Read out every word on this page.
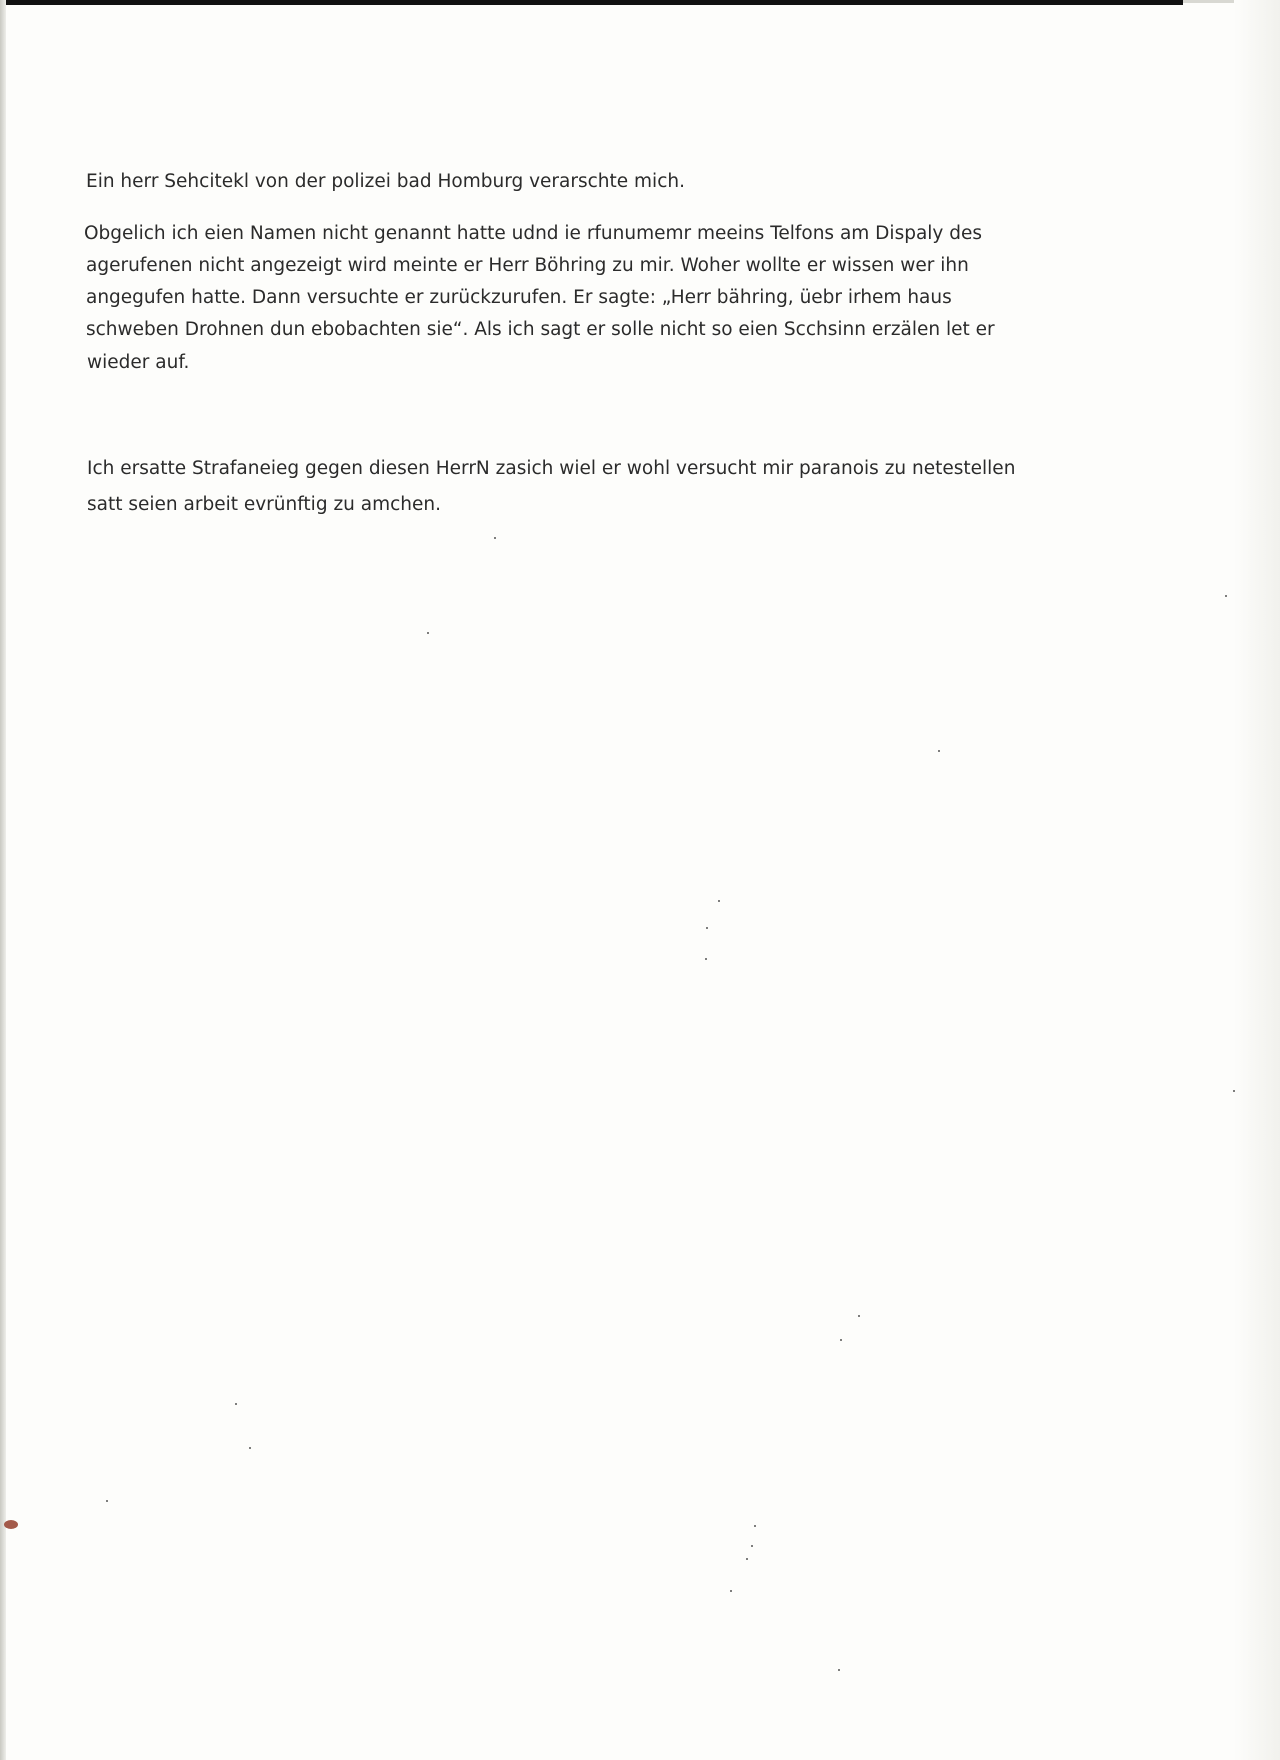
Ein herr Sehcitekl von der polizei bad Homburg verarschte mich.

Obgelich ich eien Namen nicht genannt hatte udnd ie rfunumemr meeins Telfons am Dispaly des

agerufenen nicht angezeigt wird meinte er Herr Böhring zu mir. Woher wollte er wissen wer ihn

angegufen hatte. Dann versuchte er zurückzurufen. Er sagte: „Herr bähring, üebr irhem haus

schweben Drohnen dun ebobachten sie“. Als ich sagt er solle nicht so eien Scchsinn erzälen let er

wieder auf.

Ich ersatte Strafaneieg gegen diesen HerrN zasich wiel er wohl versucht mir paranois zu netestellen

satt seien arbeit evrünftig zu amchen.
